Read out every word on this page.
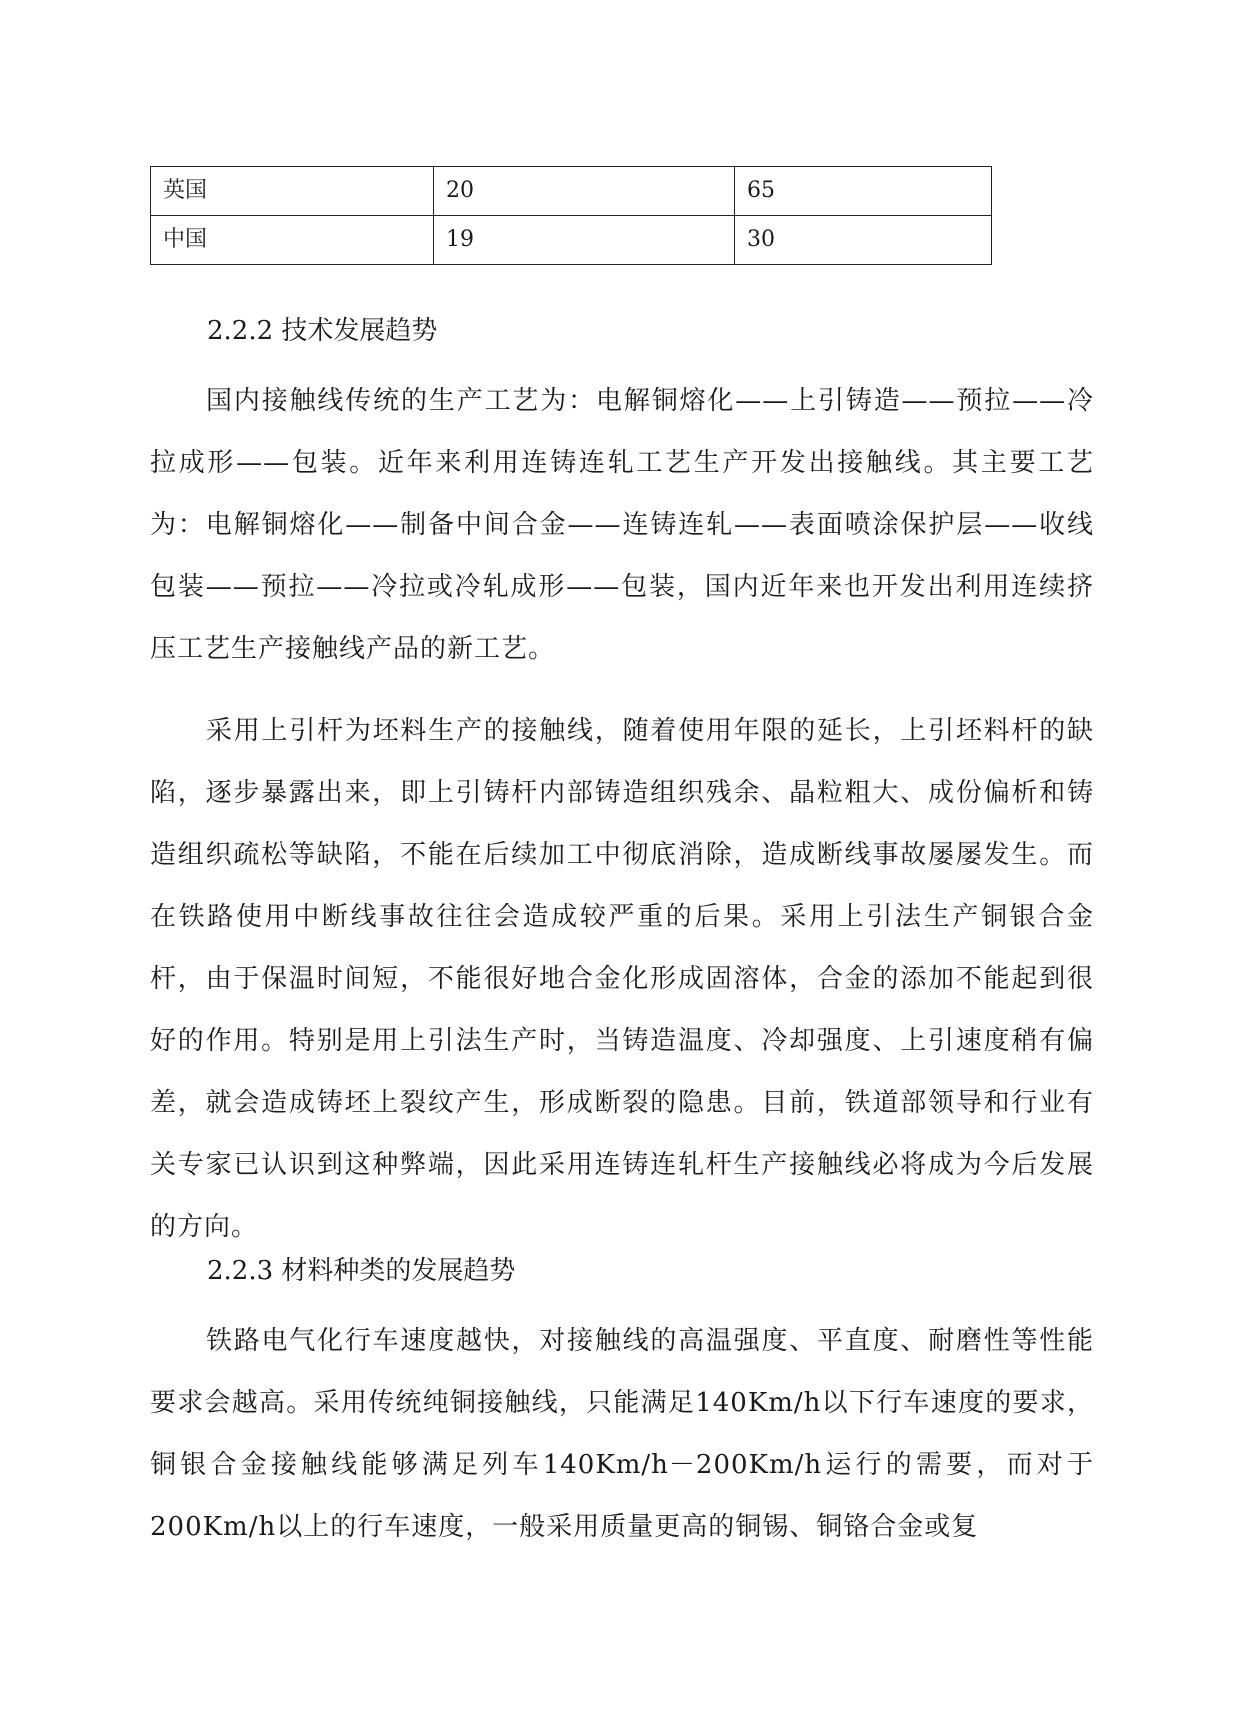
英国	20	65
中国	19	30
2.2.2 技术发展趋势

国内接触线传统的生产工艺为：电解铜熔化——上引铸造——预拉——冷拉成形——包装。近年来利用连铸连轧工艺生产开发出接触线。其主要工艺为：电解铜熔化——制备中间合金——连铸连轧——表面喷涂保护层——收线包装——预拉——冷拉或冷轧成形——包装，国内近年来也开发出利用连续挤压工艺生产接触线产品的新工艺。

采用上引杆为坯料生产的接触线，随着使用年限的延长，上引坯料杆的缺陷，逐步暴露出来，即上引铸杆内部铸造组织残余、晶粒粗大、成份偏析和铸造组织疏松等缺陷，不能在后续加工中彻底消除，造成断线事故屡屡发生。而在铁路使用中断线事故往往会造成较严重的后果。采用上引法生产铜银合金杆，由于保温时间短，不能很好地合金化形成固溶体，合金的添加不能起到很好的作用。特别是用上引法生产时，当铸造温度、冷却强度、上引速度稍有偏差，就会造成铸坯上裂纹产生，形成断裂的隐患。目前，铁道部领导和行业有关专家已认识到这种弊端，因此采用连铸连轧杆生产接触线必将成为今后发展的方向。

2.2.3 材料种类的发展趋势

铁路电气化行车速度越快，对接触线的高温强度、平直度、耐磨性等性能要求会越高。采用传统纯铜接触线，只能满足140Km/h以下行车速度的要求，铜银合金接触线能够满足列车140Km/h－200Km/h运行的需要，而对于200Km/h以上的行车速度，一般采用质量更高的铜锡、铜铬合金或复
